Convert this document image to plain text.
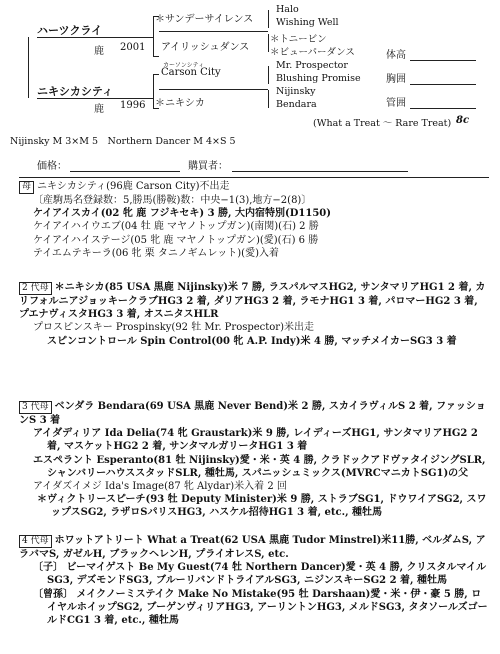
ハーツクライ
鹿 2001
ニキシカシティ
鹿 1996
＊サンデーサイレンス
アイリッシュダンス
カーソンシティ
Carson City
＊ニキシカ
Halo
Wishing Well
＊トニービン
＊ビューパーダンス
Mr. Prospector
Blushing Promise
Nijinsky
Bendara
体高
胸囲
管囲
(What a Treat ～ Rare Treat) 8c
Nijinsky M 3×M 5　Northern Dancer M 4×S 5
価格：	購買者：
母 ニキシカシティ(96鹿 Carson City)不出走
〔産駒馬名登録数：5,勝馬(勝鞍)数：中央−1(3),地方−2(8)〕
ケイアイスカイ(02 牝 鹿 フジキセキ) 3 勝, 大内宿特別(D1150)
ケイアイハイウエブ(04 牡 鹿 マヤノトップガン)(南関)(石) 2 勝
ケイアイハイステージ(05 牝 鹿 マヤノトップガン)(愛)(石) 6 勝
テイエムテキーラ(06 牝 栗 タニノギムレット)(愛)入着
2 代母 ＊ニキシカ(85 USA 黒鹿 Nijinsky)米 7 勝, ラスパルマスHG2, サンタマリアHG1 2 着, カリフォルニアジョッキークラブHG3 2 着, ダリアHG3 2 着, ラモナHG1 3 着, パロマーHG2 3 着, プエナヴィスタHG3 3 着, オスニタスHLR
プロスピンスキー Prospinsky(92 牡 Mr. Prospector)米出走
スピンコントロール Spin Control(00 牝 A.P. Indy)米 4 勝, マッチメイカーSG3 3 着
3 代母 ベンダラ Bendara(69 USA 黒鹿 Never Bend)米 2 勝, スカイラヴィルS 2 着, ファッションS 3 着
アイダディリア Ida Delia(74 牝 Graustark)米 9 勝, レイディーズHG1, サンタマリアHG2 2 着, マスケットHG2 2 着, サンタマルガリータHG1 3 着
エスペラント Esperanto(81 牡 Nijinsky)愛・米・英 4 勝, クラドックアドヴァタイジングSLR, シャンバリーハウススタッドSLR, 種牡馬, スパニッシュミックス(MVRCマニカトSG1)の父
アイダズイメジ Ida's Image(87 牝 Alydar)米入着 2 回
＊ヴィクトリースピーチ(93 牡 Deputy Minister)米 9 勝, ストラブSG1, ドウワイアSG2, スワップスSG2, ラザロSパリスHG3, ハスケル招待HG1 3 着, etc., 種牡馬
4 代母 ホワットアトリート What a Treat(62 USA 黒鹿 Tudor Minstrel)米11勝, ベルダムS, アラバマS, ガゼルH, ブラックヘレンH, プライオレスS, etc.
〔子〕 ビーマイゲスト Be My Guest(74 牡 Northern Dancer)愛・英 4 勝, クリスタルマイルSG3, デズモンドSG3, ブルーリバンドトライアルSG3, ニジンスキーSG2 2 着, 種牡馬
〔曾孫〕 メイクノーミステイク Make No Mistake(95 牡 Darshaan)愛・米・伊・豪 5 勝, ロイヤルホイップSG2, ブーゲンヴィリアHG3, アーリントンHG3, メルドSG3, タタソールズゴールドCG1 3 着, etc., 種牡馬
